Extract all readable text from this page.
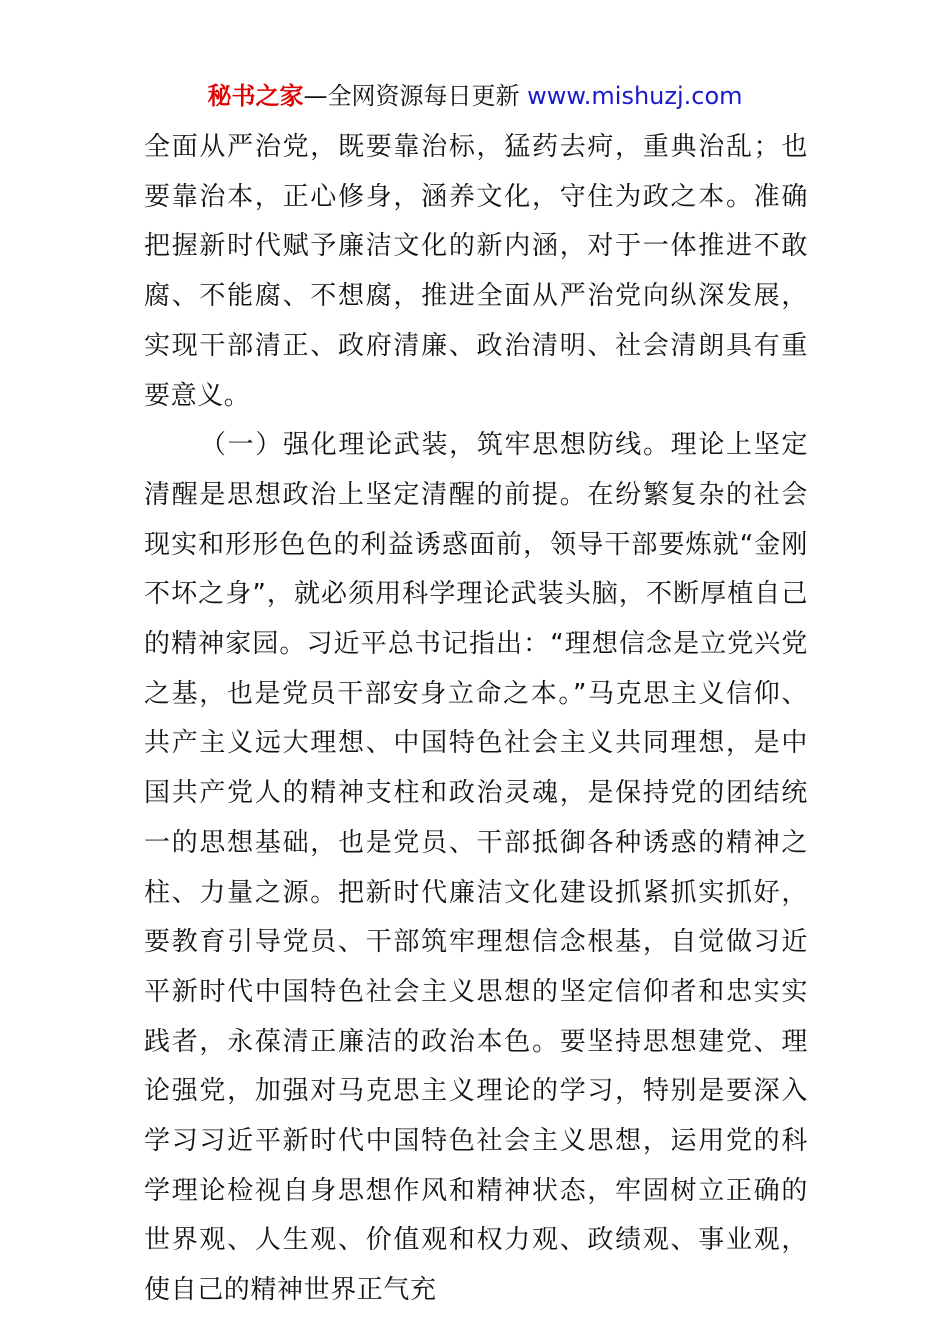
秘书之家—全网资源每日更新 www.mishuzj.com

全面从严治党，既要靠治标，猛药去疴，重典治乱；也要靠治本，正心修身，涵养文化，守住为政之本。准确把握新时代赋予廉洁文化的新内涵，对于一体推进不敢腐、不能腐、不想腐，推进全面从严治党向纵深发展，实现干部清正、政府清廉、政治清明、社会清朗具有重要意义。

（一）强化理论武装，筑牢思想防线。理论上坚定清醒是思想政治上坚定清醒的前提。在纷繁复杂的社会现实和形形色色的利益诱惑面前，领导干部要炼就“金刚不坏之身”，就必须用科学理论武装头脑，不断厚植自己的精神家园。习近平总书记指出：“理想信念是立党兴党之基，也是党员干部安身立命之本。”马克思主义信仰、共产主义远大理想、中国特色社会主义共同理想，是中国共产党人的精神支柱和政治灵魂，是保持党的团结统一的思想基础，也是党员、干部抵御各种诱惑的精神之柱、力量之源。把新时代廉洁文化建设抓紧抓实抓好，要教育引导党员、干部筑牢理想信念根基，自觉做习近平新时代中国特色社会主义思想的坚定信仰者和忠实实践者，永葆清正廉洁的政治本色。要坚持思想建党、理论强党，加强对马克思主义理论的学习，特别是要深入学习习近平新时代中国特色社会主义思想，运用党的科学理论检视自身思想作风和精神状态，牢固树立正确的世界观、人生观、价值观和权力观、政绩观、事业观，使自己的精神世界正气充
